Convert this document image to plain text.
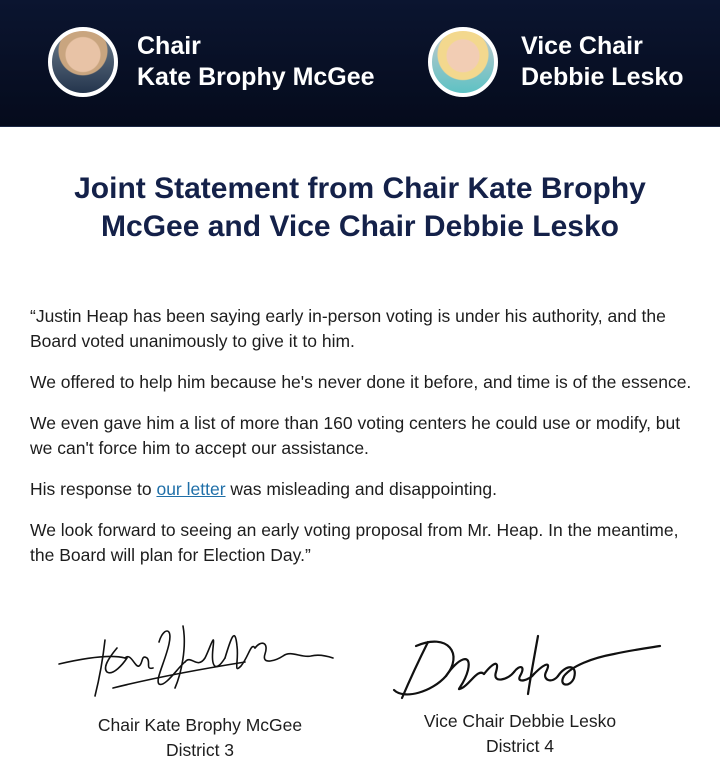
Chair
Kate Brophy McGee
Vice Chair
Debbie Lesko
Joint Statement from Chair Kate Brophy McGee and Vice Chair Debbie Lesko

“Justin Heap has been saying early in-person voting is under his authority, and the Board voted unanimously to give it to him.

We offered to help him because he's never done it before, and time is of the essence.

We even gave him a list of more than 160 voting centers he could use or modify, but we can't force him to accept our assistance.

His response to our letter was misleading and disappointing.

We look forward to seeing an early voting proposal from Mr. Heap. In the meantime, the Board will plan for Election Day.”

Chair Kate Brophy McGee
District 3
Vice Chair Debbie Lesko
District 4
